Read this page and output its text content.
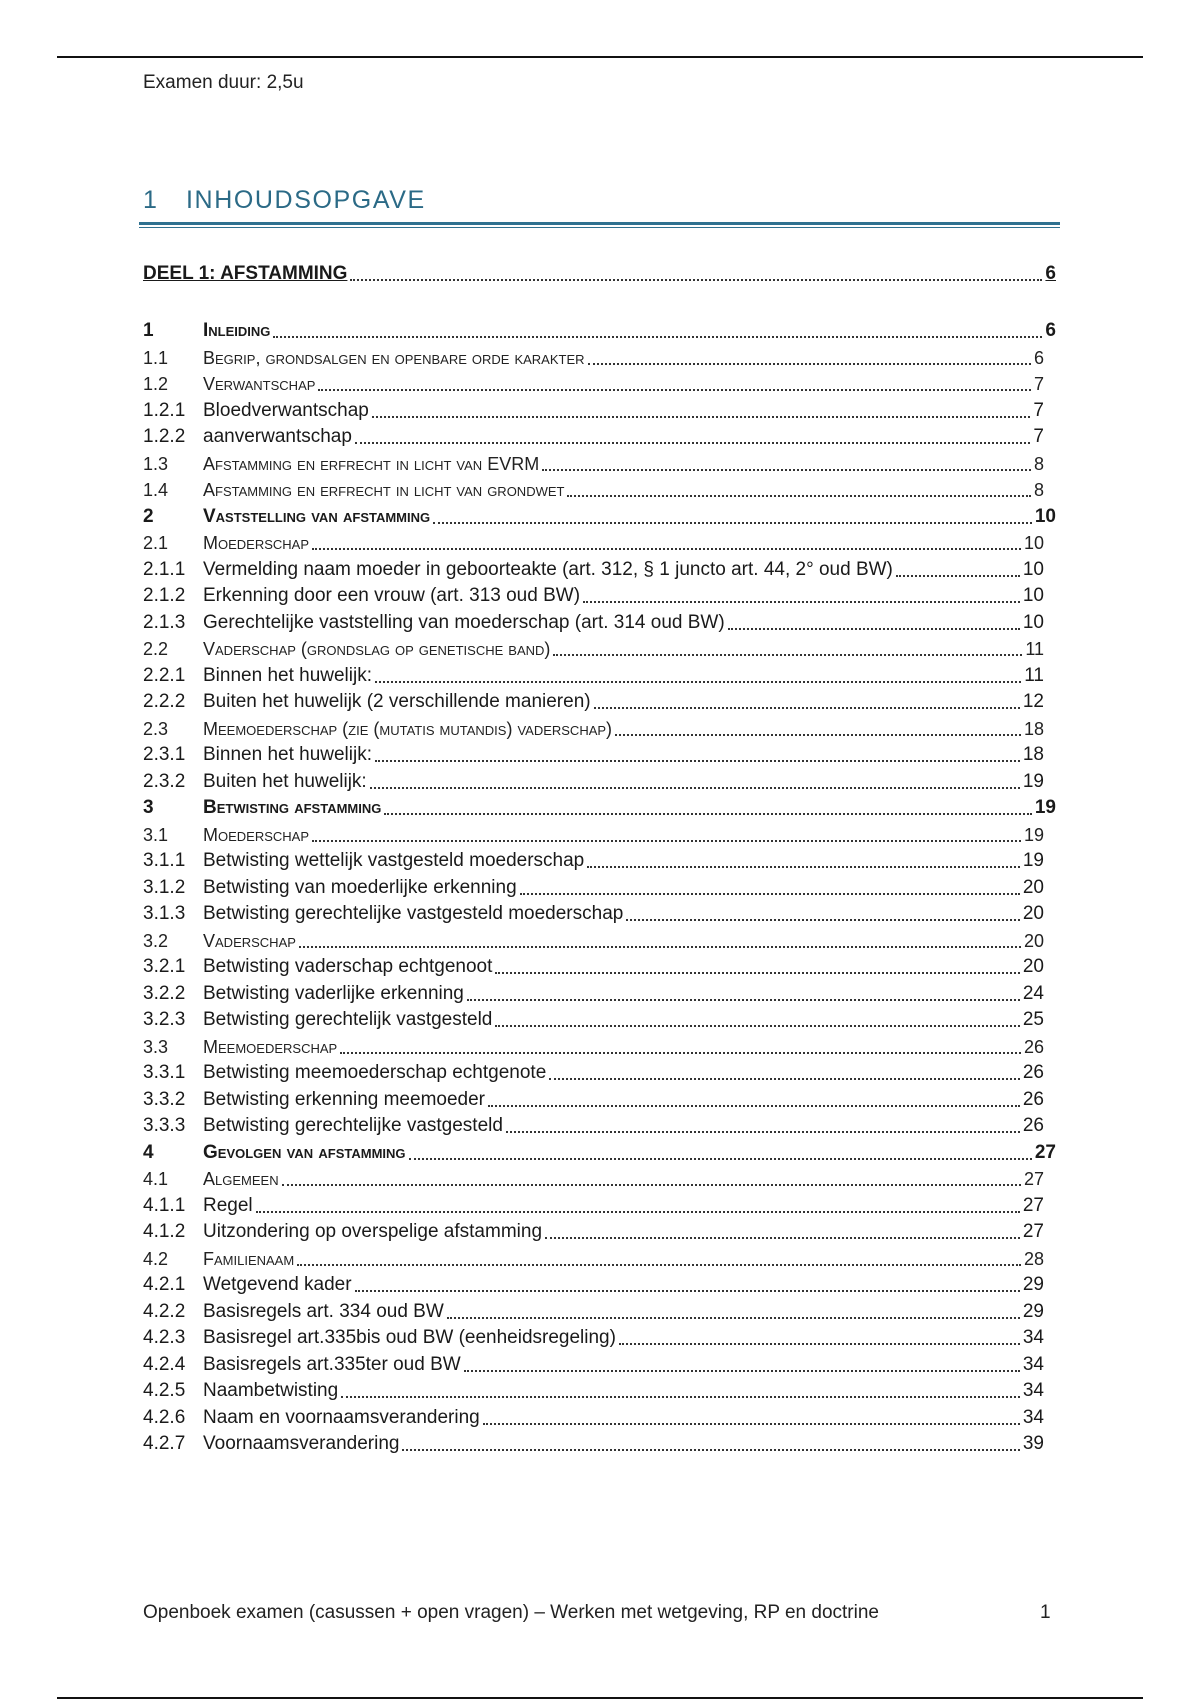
Examen duur: 2,5u
1 INHOUDSOPGAVE
DEEL 1: AFSTAMMING	6
1	Inleiding	6
1.1	Begrip, grondsalgen en openbare orde karakter	6
1.2	Verwantschap	7
1.2.1 Bloedverwantschap	7
1.2.2 aanverwantschap	7
1.3	Afstamming en erfrecht in licht van EVRM	8
1.4	Afstamming en erfrecht in licht van grondwet	8
2	Vaststelling van afstamming	10
2.1	Moederschap	10
2.1.1 Vermelding naam moeder in geboorteakte (art. 312, § 1 juncto art. 44, 2° oud BW)	10
2.1.2 Erkenning door een vrouw (art. 313 oud BW)	10
2.1.3 Gerechtelijke vaststelling van moederschap (art. 314 oud BW)	10
2.2	Vaderschap (grondslag op genetische band)	11
2.2.1 Binnen het huwelijk:	11
2.2.2 Buiten het huwelijk (2 verschillende manieren)	12
2.3	Meemoederschap (zie (mutatis mutandis) vaderschap)	18
2.3.1 Binnen het huwelijk:	18
2.3.2 Buiten het huwelijk:	19
3	Betwisting afstamming	19
3.1	Moederschap	19
3.1.1 Betwisting wettelijk vastgesteld moederschap	19
3.1.2 Betwisting van moederlijke erkenning	20
3.1.3 Betwisting gerechtelijke vastgesteld moederschap	20
3.2	Vaderschap	20
3.2.1 Betwisting vaderschap echtgenoot	20
3.2.2 Betwisting vaderlijke erkenning	24
3.2.3 Betwisting gerechtelijk vastgesteld	25
3.3	Meemoederschap	26
3.3.1 Betwisting meemoederschap echtgenote	26
3.3.2 Betwisting erkenning meemoeder	26
3.3.3 Betwisting gerechtelijke vastgesteld	26
4	Gevolgen van afstamming	27
4.1	Algemeen	27
4.1.1 Regel	27
4.1.2 Uitzondering op overspelige afstamming	27
4.2	Familienaam	28
4.2.1 Wetgevend kader	29
4.2.2 Basisregels art. 334 oud BW	29
4.2.3 Basisregel art.335bis oud BW (eenheidsregeling)	34
4.2.4 Basisregels art.335ter oud BW	34
4.2.5 Naambetwisting	34
4.2.6 Naam en voornaamsverandering	34
4.2.7 Voornaamsverandering	39
Openboek examen (casussen + open vragen) – Werken met wetgeving, RP en doctrine	1
